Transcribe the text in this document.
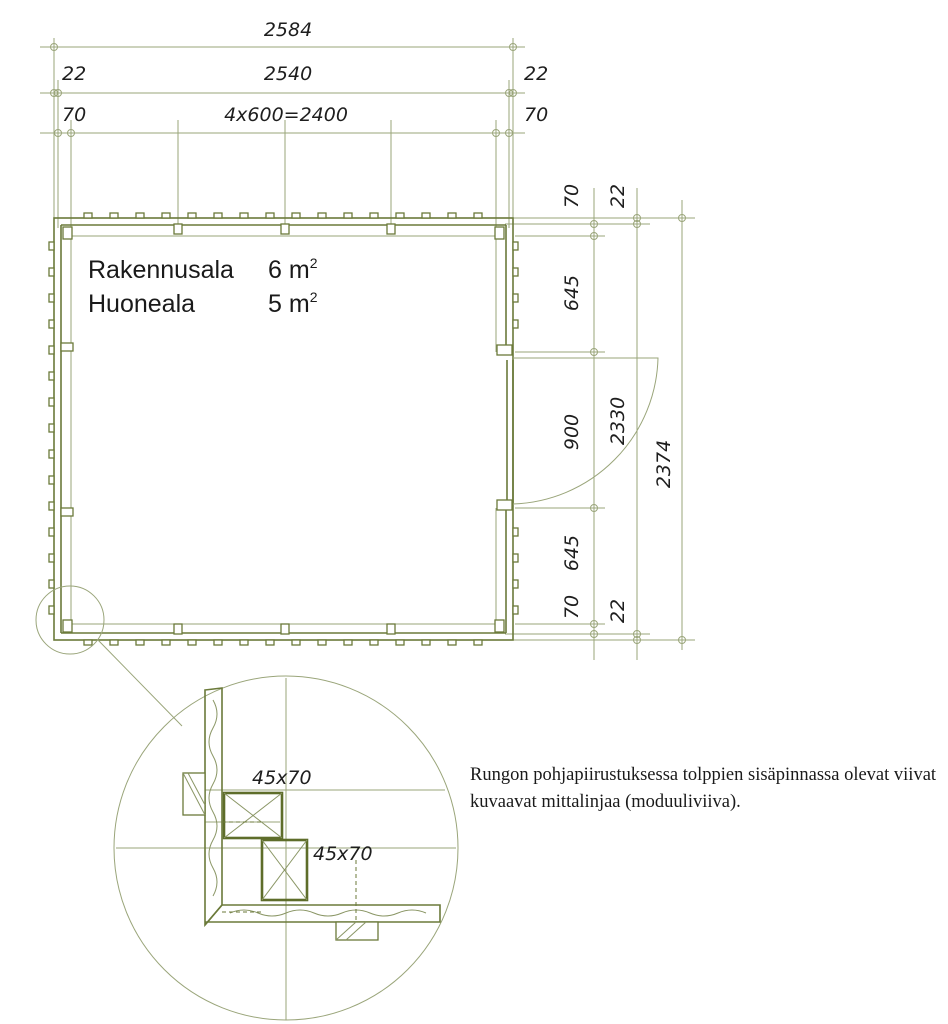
2584
2540
22	22
70	70
4x600=2400
70 22
645
900 2330
2374
645
70 22
Rakennusala 6 $m^2$
Huoneala	5 $m^2$
45x70
45x70

Rungon pohjapiirustuksessa tolppien sisäpinnassa olevat viivat kuvaavat mittalinjaa (moduuliviiva).
